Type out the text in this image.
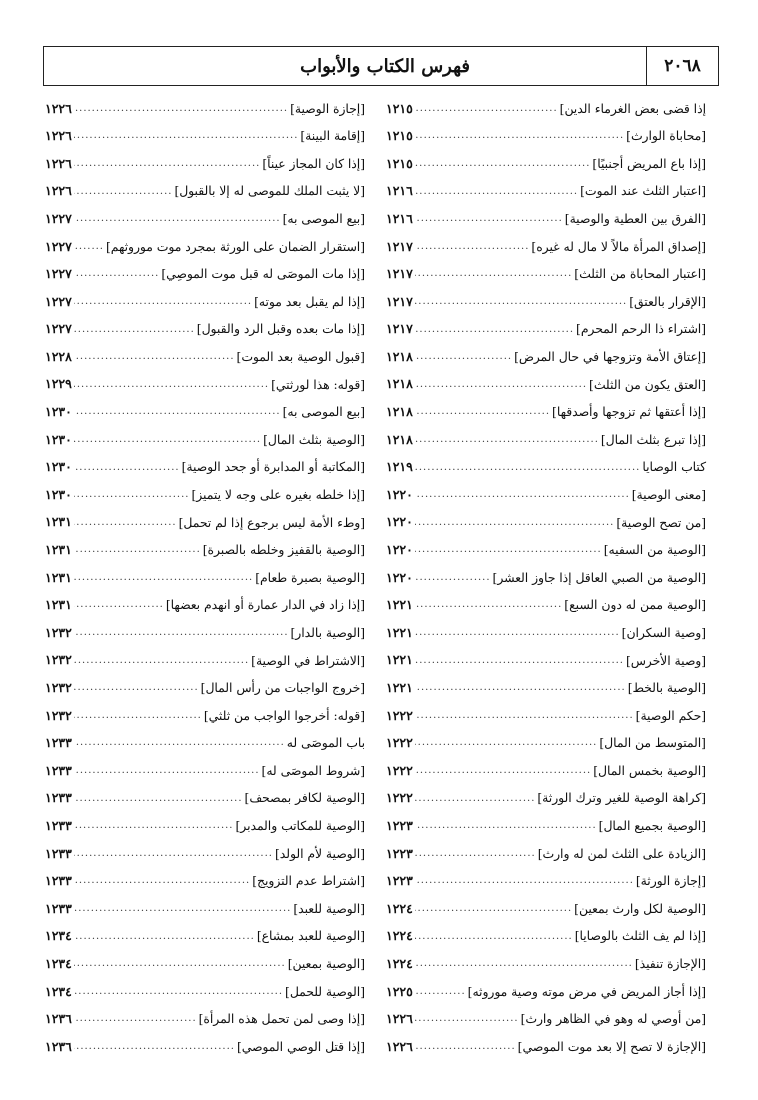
٢٠٦٨
فهرس الكتاب والأبواب
إذا قضى بعض الغرماء الدين]
.....
١٢١٥
[محاباة الوارث]
.....
١٢١٥
[إذا باع المريض أجنبيًا]
.....
١٢١٥
[اعتبار الثلث عند الموت]
.....
١٢١٦
[الفرق بين العطية والوصية]
.....
١٢١٦
[إصداق المرأة مالاً لا مال له غيره]
.....
١٢١٧
[اعتبار المحاباة من الثلث]
.....
١٢١٧
[الإقرار بالعتق]
.....
١٢١٧
[اشتراء ذا الرحم المحرم]
.....
١٢١٧
[إعتاق الأمة وتزوجها في حال المرض]
.....
١٢١٨
[العتق يكون من الثلث]
.....
١٢١٨
[إذا أعتقها ثم تزوجها وأصدقها]
.....
١٢١٨
[إذا تبرع بثلث المال]
.....
١٢١٨
كتاب الوصايا
.....
١٢١٩
[معنى الوصية]
.....
١٢٢٠
[من تصح الوصية]
.....
١٢٢٠
[الوصية من السفيه]
.....
١٢٢٠
[الوصية من الصبي العاقل إذا جاوز العشر]
.....
١٢٢٠
[الوصية ممن له دون السبع]
.....
١٢٢١
[وصية السكران]
.....
١٢٢١
[وصية الأخرس]
.....
١٢٢١
[الوصية بالخط]
.....
١٢٢١
[حكم الوصية]
.....
١٢٢٢
[المتوسط من المال]
.....
١٢٢٢
[الوصية بخمس المال]
.....
١٢٢٢
[كراهة الوصية للغير وترك الورثة]
.....
١٢٢٢
[الوصية بجميع المال]
.....
١٢٢٣
[الزيادة على الثلث لمن له وارث]
.....
١٢٢٣
[إجازة الورثة]
.....
١٢٢٣
[الوصية لكل وارث بمعين]
.....
١٢٢٤
[إذا لم يف الثلث بالوصايا]
.....
١٢٢٤
[الإجازة تنفيذ]
.....
١٢٢٤
[إذا أجاز المريض في مرض موته وصية موروثه]
.....
١٢٢٥
[من أوصي له وهو في الظاهر وارث]
.....
١٢٢٦
[الإجازة لا تصح إلا بعد موت الموصي]
.....
١٢٢٦
[إجازة الوصية]
.....
١٢٢٦
[إقامة البينة]
.....
١٢٢٦
[إذا كان المجاز عيناً]
.....
١٢٢٦
[لا يثبت الملك للموصى له إلا بالقبول]
.....
١٢٢٦
[بيع الموصى به]
.....
١٢٢٧
[استقرار الضمان على الورثة بمجرد موت موروثهم]
.....
١٢٢٧
[إذا مات الموصَى له قبل موت الموصِي]
.....
١٢٢٧
[إذا لم يقبل بعد موته]
.....
١٢٢٧
[إذا مات بعده وقبل الرد والقبول]
.....
١٢٢٧
[قبول الوصية بعد الموت]
.....
١٢٢٨
[قوله: هذا لورثتي]
.....
١٢٢٩
[بيع الموصى به]
.....
١٢٣٠
[الوصية بثلث المال]
.....
١٢٣٠
[المكاتبة أو المدابرة أو جحد الوصية]
.....
١٢٣٠
[إذا خلطه بغيره على وجه لا يتميز]
.....
١٢٣٠
[وطء الأمة ليس برجوع إذا لم تحمل]
.....
١٢٣١
[الوصية بالقفيز وخلطه بالصبرة]
.....
١٢٣١
[الوصية بصبرة طعام]
.....
١٢٣١
[إذا زاد في الدار عمارة أو انهدم بعضها]
.....
١٢٣١
[الوصية بالدار]
.....
١٢٣٢
[الاشتراط في الوصية]
.....
١٢٣٢
[خروج الواجبات من رأس المال]
.....
١٢٣٢
[قوله: أخرجوا الواجب من ثلثي]
.....
١٢٣٢
باب الموصَى له
.....
١٢٣٣
[شروط الموصَى له]
.....
١٢٣٣
[الوصية لكافر بمصحف]
.....
١٢٣٣
[الوصية للمكاتب والمدبر]
.....
١٢٣٣
[الوصية لأم الولد]
.....
١٢٣٣
[اشتراط عدم التزويج]
.....
١٢٣٣
[الوصية للعبد]
.....
١٢٣٣
[الوصية للعبد بمشاع]
.....
١٢٣٤
[الوصية بمعين]
.....
١٢٣٤
[الوصية للحمل]
.....
١٢٣٤
[إذا وصى لمن تحمل هذه المرأة]
.....
١٢٣٦
[إذا قتل الوصي الموصي]
.....
١٢٣٦
